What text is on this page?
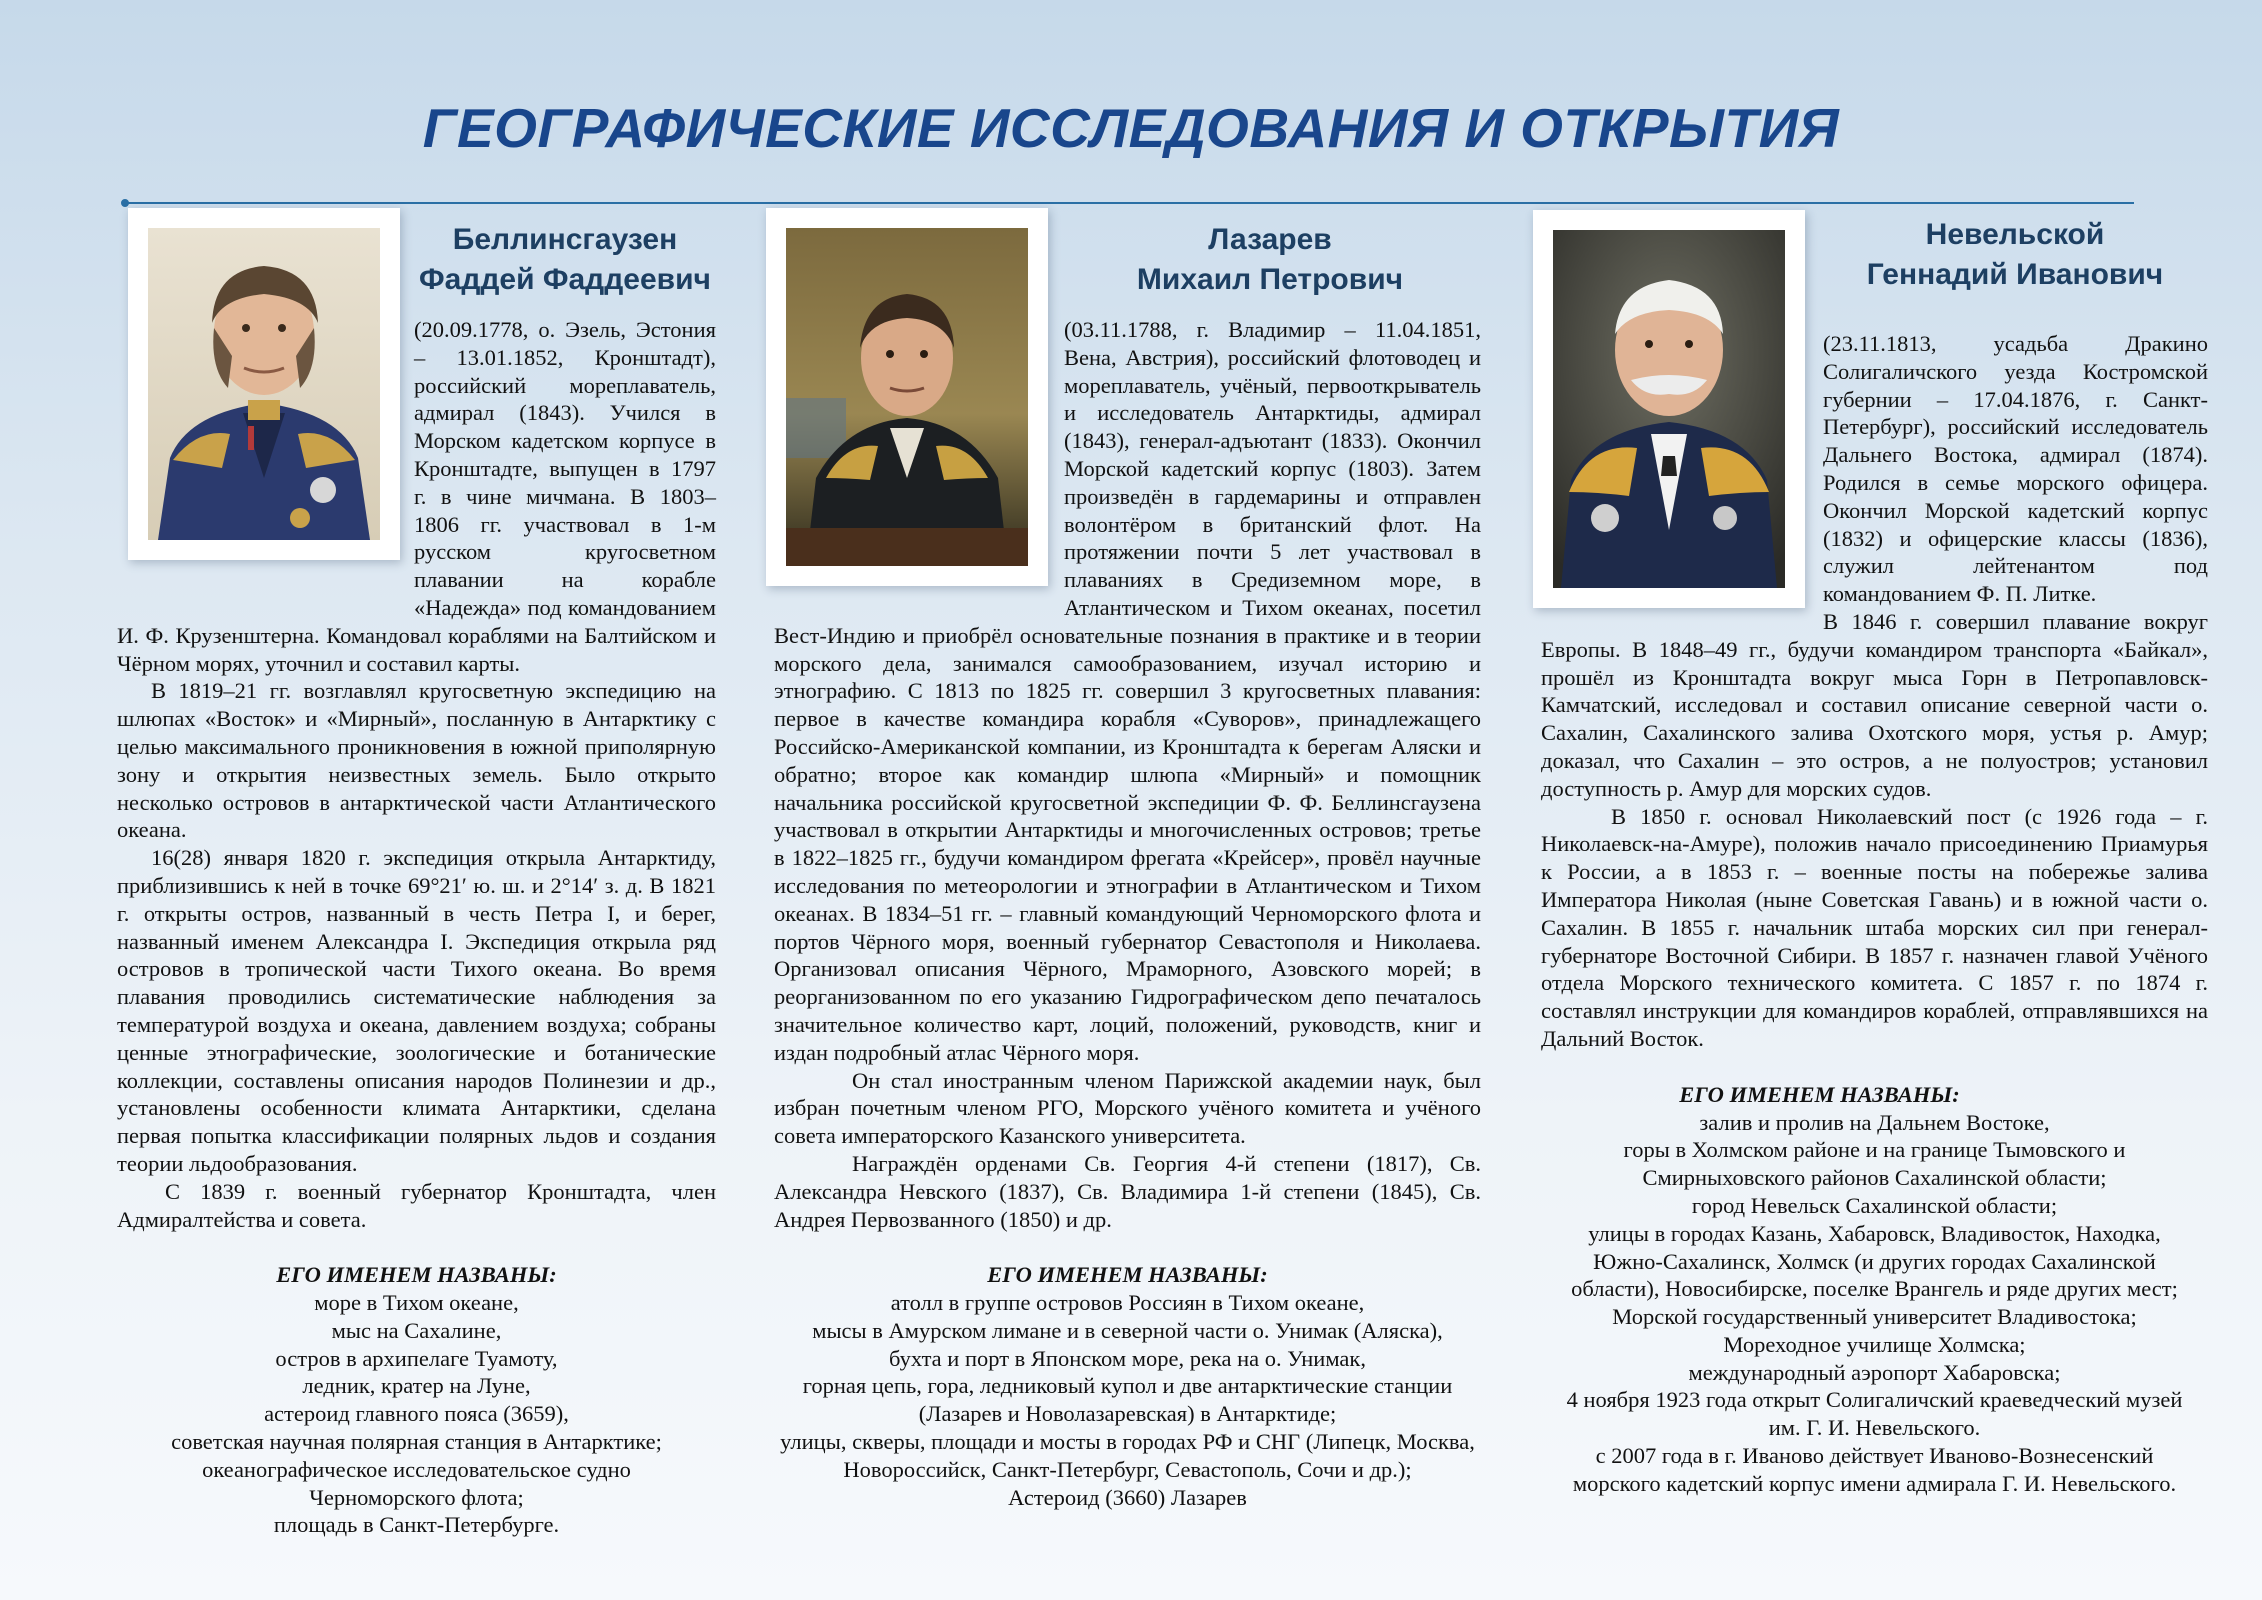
ГЕОГРАФИЧЕСКИЕ ИССЛЕДОВАНИЯ И ОТКРЫТИЯ
Беллинсгаузен
Фаддей Фаддеевич
Лазарев
Михаил Петрович
Невельской
Геннадий Иванович

(20.09.1778, о. Эзель, Эстония – 13.01.1852, Кронштадт), российский мореплаватель, адмирал (1843). Учился в Морском кадетском корпусе в Кронштадте, выпущен в 1797 г. в чине мичмана. В 1803–1806 гг. участвовал в 1-м русском кругосветном плавании на корабле «Надежда» под командованием И. Ф. Крузенштерна. Командовал кораблями на Балтийском и Чёрном морях, уточнил и составил карты.

В 1819–21 гг. возглавлял кругосветную экспедицию на шлюпах «Восток» и «Мирный», посланную в Антарктику с целью максимального проникновения в южной приполярную зону и открытия неизвестных земель. Было открыто несколько островов в антарктической части Атлантического океана.

16(28) января 1820 г. экспедиция открыла Антарктиду, приблизившись к ней в точке 69°21′ ю. ш. и 2°14′ з. д. В 1821 г. открыты остров, названный в честь Петра I, и берег, названный именем Александра I. Экспедиция открыла ряд островов в тропической части Тихого океана. Во время плавания проводились систематические наблюдения за температурой воздуха и океана, давлением воздуха; собраны ценные этнографические, зоологические и ботанические коллекции, составлены описания народов Полинезии и др., установлены особенности климата Антарктики, сделана первая попытка классификации полярных льдов и создания теории льдообразования.

С 1839 г. военный губернатор Кронштадта, член Адмиралтейства и совета.

ЕГО ИМЕНЕМ НАЗВАНЫ:

море в Тихом океане,
мыс на Сахалине,
остров в архипелаге Туамоту,
ледник, кратер на Луне,
астероид главного пояса (3659),
советская научная полярная станция в Антарктике;
океанографическое исследовательское судно Черноморского флота;
площадь в Санкт-Петербурге.

(03.11.1788, г. Владимир – 11.04.1851, Вена, Австрия), российский флотоводец и мореплаватель, учёный, первооткрыватель и исследователь Антарктиды, адмирал (1843), генерал-адъютант (1833). Окончил Морской кадетский корпус (1803). Затем произведён в гардемарины и отправлен волонтёром в британский флот. На протяжении почти 5 лет участвовал в плаваниях в Средиземном море, в Атлантическом и Тихом океанах, посетил Вест-Индию и приобрёл основательные познания в практике и в теории морского дела, занимался самообразованием, изучал историю и этнографию. С 1813 по 1825 гг. совершил 3 кругосветных плавания: первое в качестве командира корабля «Суворов», принадлежащего Российско-Американской компании, из Кронштадта к берегам Аляски и обратно; второе как командир шлюпа «Мирный» и помощник начальника российской кругосветной экспедиции Ф. Ф. Беллинсгаузена участвовал в открытии Антарктиды и многочисленных островов; третье в 1822–1825 гг., будучи командиром фрегата «Крейсер», провёл научные исследования по метеорологии и этнографии в Атлантическом и Тихом океанах. В 1834–51 гг. – главный командующий Черноморского флота и портов Чёрного моря, военный губернатор Севастополя и Николаева. Организовал описания Чёрного, Мраморного, Азовского морей; в реорганизованном по его указанию Гидрографическом депо печаталось значительное количество карт, лоций, положений, руководств, книг и издан подробный атлас Чёрного моря.

Он стал иностранным членом Парижской академии наук, был избран почетным членом РГО, Морского учёного комитета и учёного совета императорского Казанского университета.

Награждён орденами Св. Георгия 4-й степени (1817), Св. Александра Невского (1837), Св. Владимира 1-й степени (1845), Св. Андрея Первозванного (1850) и др.

ЕГО ИМЕНЕМ НАЗВАНЫ:

атолл в группе островов Россиян в Тихом океане,
мысы в Амурском лимане и в северной части о. Унимак (Аляска),
бухта и порт в Японском море, река на о. Унимак,
горная цепь, гора, ледниковый купол и две антарктические станции (Лазарев и Новолазаревская) в Антарктиде;
улицы, скверы, площади и мосты в городах РФ и СНГ (Липецк, Москва, Новороссийск, Санкт-Петербург, Севастополь, Сочи и др.);
Астероид (3660) Лазарев

(23.11.1813, усадьба Дракино Солигаличского уезда Костромской губернии – 17.04.1876, г. Санкт-Петербург), российский исследователь Дальнего Востока, адмирал (1874). Родился в семье морского офицера. Окончил Морской кадетский корпус (1832) и офицерские классы (1836), служил лейтенантом под командованием Ф. П. Литке.

В 1846 г. совершил плавание вокруг Европы. В 1848–49 гг., будучи командиром транспорта «Байкал», прошёл из Кронштадта вокруг мыса Горн в Петропавловск-Камчатский, исследовал и составил описание северной части о. Сахалин, Сахалинского залива Охотского моря, устья р. Амур; доказал, что Сахалин – это остров, а не полуостров; установил доступность р. Амур для морских судов.

В 1850 г. основал Николаевский пост (с 1926 года – г. Николаевск-на-Амуре), положив начало присоединению Приамурья к России, а в 1853 г. – военные посты на побережье залива Императора Николая (ныне Советская Гавань) и в южной части о. Сахалин. В 1855 г. начальник штаба морских сил при генерал-губернаторе Восточной Сибири. В 1857 г. назначен главой Учёного отдела Морского технического комитета. С 1857 г. по 1874 г. составлял инструкции для командиров кораблей, отправлявшихся на Дальний Восток.

ЕГО ИМЕНЕМ НАЗВАНЫ:

залив и пролив на Дальнем Востоке,
горы в Холмском районе и на границе Тымовского и Смирныховского районов Сахалинской области;
город Невельск Сахалинской области;
улицы в городах Казань, Хабаровск, Владивосток, Находка, Южно-Сахалинск, Холмск (и других городах Сахалинской области), Новосибирске, поселке Врангель и ряде других мест;
Морской государственный университет Владивостока;
Мореходное училище Холмска;
международный аэропорт Хабаровска;
4 ноября 1923 года открыт Солигаличский краеведческий музей им. Г. И. Невельского.
с 2007 года в г. Иваново действует Ивановo-Вознесенский морского кадетский корпус имени адмирала Г. И. Невельского.
